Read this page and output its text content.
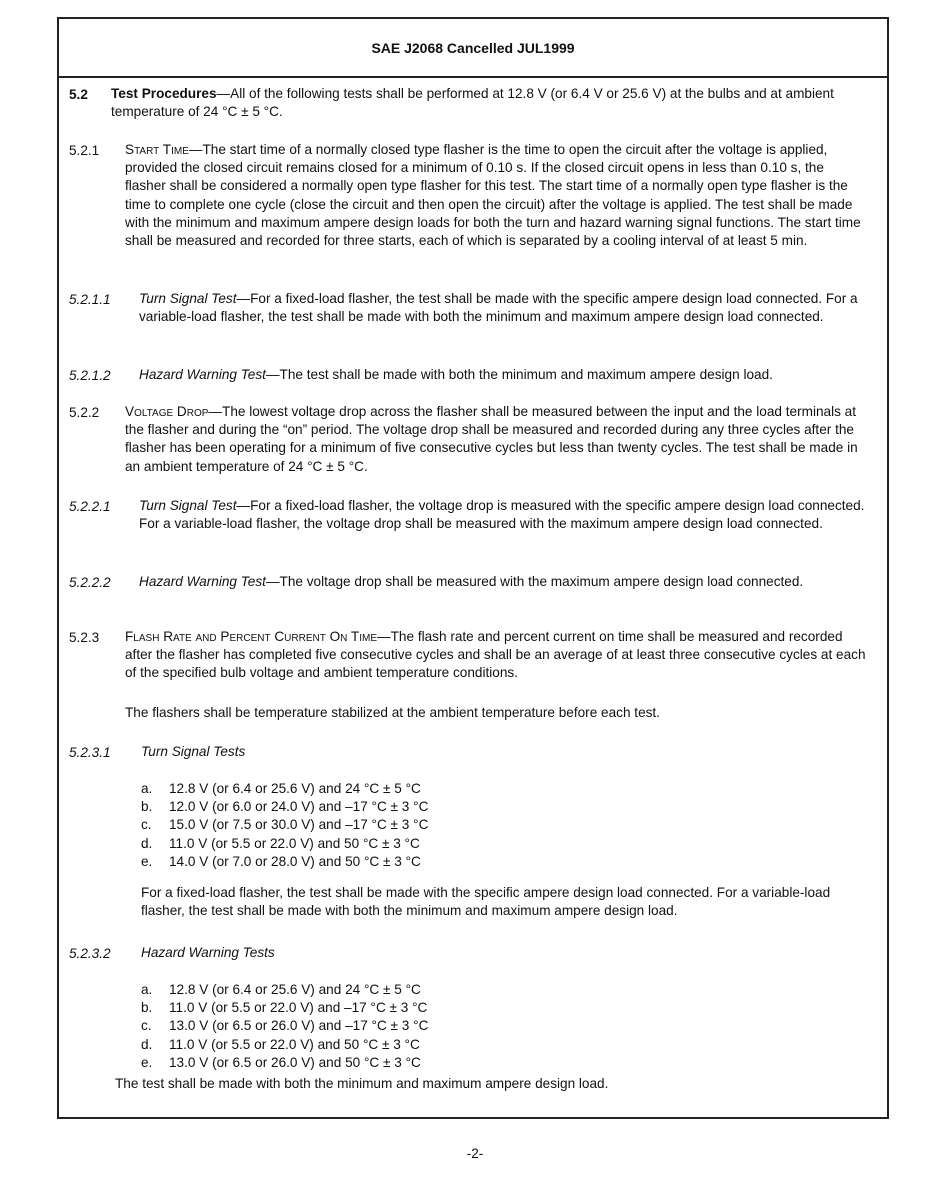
SAE J2068 Cancelled JUL1999
5.2 Test Procedures—All of the following tests shall be performed at 12.8 V (or 6.4 V or 25.6 V) at the bulbs and at ambient temperature of 24 °C ± 5 °C.
5.2.1 Start Time—The start time of a normally closed type flasher is the time to open the circuit after the voltage is applied, provided the closed circuit remains closed for a minimum of 0.10 s. If the closed circuit opens in less than 0.10 s, the flasher shall be considered a normally open type flasher for this test. The start time of a normally open type flasher is the time to complete one cycle (close the circuit and then open the circuit) after the voltage is applied. The test shall be made with the minimum and maximum ampere design loads for both the turn and hazard warning signal functions. The start time shall be measured and recorded for three starts, each of which is separated by a cooling interval of at least 5 min.
5.2.1.1 Turn Signal Test—For a fixed-load flasher, the test shall be made with the specific ampere design load connected. For a variable-load flasher, the test shall be made with both the minimum and maximum ampere design load connected.
5.2.1.2 Hazard Warning Test—The test shall be made with both the minimum and maximum ampere design load.
5.2.2 Voltage Drop—The lowest voltage drop across the flasher shall be measured between the input and the load terminals at the flasher and during the “on” period. The voltage drop shall be measured and recorded during any three cycles after the flasher has been operating for a minimum of five consecutive cycles but less than twenty cycles. The test shall be made in an ambient temperature of 24 °C ± 5 °C.
5.2.2.1 Turn Signal Test—For a fixed-load flasher, the voltage drop is measured with the specific ampere design load connected. For a variable-load flasher, the voltage drop shall be measured with the maximum ampere design load connected.
5.2.2.2 Hazard Warning Test—The voltage drop shall be measured with the maximum ampere design load connected.
5.2.3 Flash Rate and Percent Current On Time—The flash rate and percent current on time shall be measured and recorded after the flasher has completed five consecutive cycles and shall be an average of at least three consecutive cycles at each of the specified bulb voltage and ambient temperature conditions.
The flashers shall be temperature stabilized at the ambient temperature before each test.
5.2.3.1 Turn Signal Tests
a.	12.8 V (or 6.4 or 25.6 V) and 24 °C ± 5 °C
b.	12.0 V (or 6.0 or 24.0 V) and –17 °C ± 3 °C
c.	15.0 V (or 7.5 or 30.0 V) and –17 °C ± 3 °C
d.	11.0 V (or 5.5 or 22.0 V) and 50 °C ± 3 °C
e.	14.0 V (or 7.0 or 28.0 V) and 50 °C ± 3 °C
For a fixed-load flasher, the test shall be made with the specific ampere design load connected. For a variable-load flasher, the test shall be made with both the minimum and maximum ampere design load.
5.2.3.2 Hazard Warning Tests
a.	12.8 V (or 6.4 or 25.6 V) and 24 °C ± 5 °C
b.	11.0 V (or 5.5 or 22.0 V) and –17 °C ± 3 °C
c.	13.0 V (or 6.5 or 26.0 V) and –17 °C ± 3 °C
d.	11.0 V (or 5.5 or 22.0 V) and 50 °C ± 3 °C
e.	13.0 V (or 6.5 or 26.0 V) and 50 °C ± 3 °C
The test shall be made with both the minimum and maximum ampere design load.
-2-
